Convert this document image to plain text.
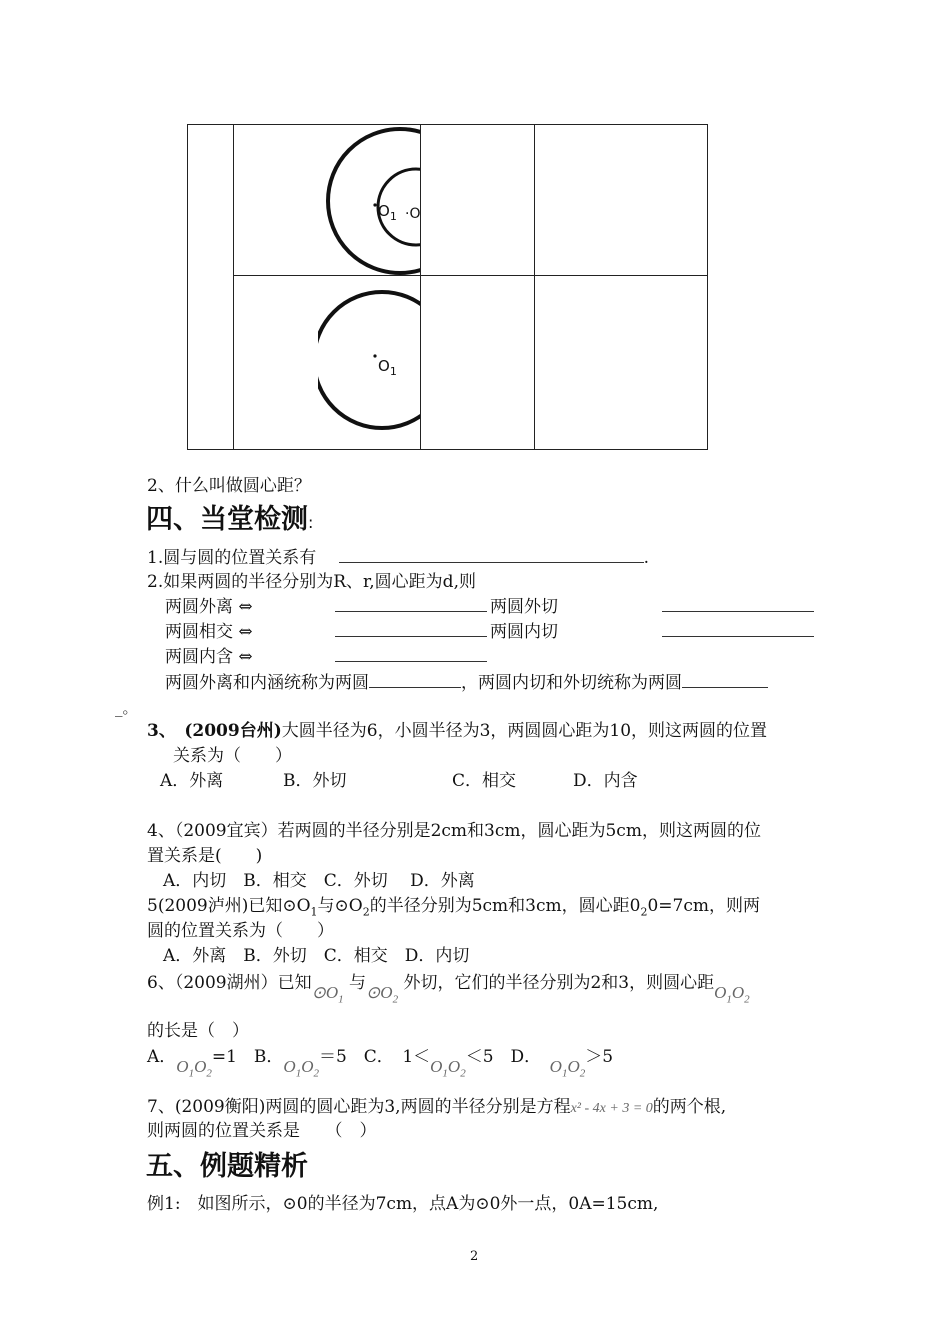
$O_1 \cdot O$
$O_1$
2、什么叫做圆心距？
四、当堂检测:
1.圆与圆的位置关系有　	.
2.如果两圆的半径分别为R、r,圆心距为d,则
两圆外离 ⇔	两圆外切
两圆相交 ⇔	两圆内切
两圆内含 ⇔
两圆外离和内涵统称为两圆	，两圆内切和外切统称为两圆
_。
3、　 (2009台州)大圆半径为6，小圆半径为3，两圆圆心距为10，则这两圆的位置
关系为（　　）
A．外离	B．外切	C．相交	D．内含
4、（2009宜宾）若两圆的半径分别是2cm和3cm，圆心距为5cm，则这两圆的位
置关系是(　　)
A．内切　B．相交　C．外切　 D．外离
5(2009泸州)已知$⊙O_1$与$⊙O_2$的半径分别为5cm和3cm，圆心距$0_20=7cm$，则两
圆的位置关系为（　　）
A．外离　B．外切　C．相交　D．内切
6、（2009湖州）已知$⊙O_1$ 与$⊙O_2$ 外切，它们的半径分别为2和3，则圆心距$O_1O_2$
的长是（　）
A．$O_1O_2=1$　 B．$O_1O_2=5$　 C．　 $1<O_1O_2<5$　 D．　 $O_1O_2>5$
7、(2009衡阳)两圆的圆心距为3,两圆的半径分别是方程x² - 4x + 3 = 0的两个根,
则两圆的位置关系是　　（　）
五、例题精析
例1:　如图所示，⊙0的半径为7cm，点A为⊙0外一点，0A=15cm,
2
